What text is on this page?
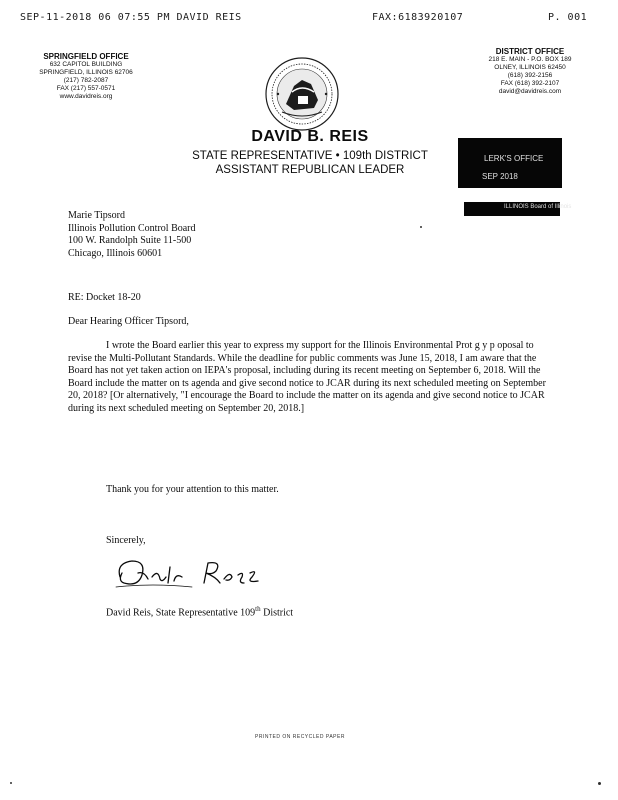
SEP-11-2018 06 07:55 PM DAVID REIS	FAX:6183920107	P. 001
SPRINGFIELD OFFICE
632 CAPITOL BUILDING
SPRINGFIELD, ILLINOIS 62706
(217) 782-2087
FAX (217) 557-0571
www.davidreis.org
DISTRICT OFFICE
218 E. MAIN - P.O. BOX 189
OLNEY, ILLINOIS 62450
(618) 392-2156
FAX (618) 392-2107
david@davidreis.com
DAVID B. REIS
STATE REPRESENTATIVE • 109th DISTRICT
ASSISTANT REPUBLICAN LEADER
LERK'S OFFICE
SEP 2018
ILLINOIS Board of Illinois
Marie Tipsord
Illinois Pollution Control Board
100 W. Randolph Suite 11-500
Chicago, Illinois 60601
RE: Docket 18-20
Dear Hearing Officer Tipsord,

I wrote the Board earlier this year to express my support for the Illinois Environmental Prot g y p oposal to revise the Multi-Pollutant Standards. While the deadline for public comments was June 15, 2018, I am aware that the Board has not yet taken action on IEPA's proposal, including during its recent meeting on September 6, 2018. Will the Board include the matter on ts agenda and give second notice to JCAR during its next scheduled meeting on September 20, 2018? [Or alternatively, "I encourage the Board to include the matter on its agenda and give second notice to JCAR during its next scheduled meeting on September 20, 2018.]

Thank you for your attention to this matter.
Sincerely,
David Reis, State Representative 109th District
PRINTED ON RECYCLED PAPER
